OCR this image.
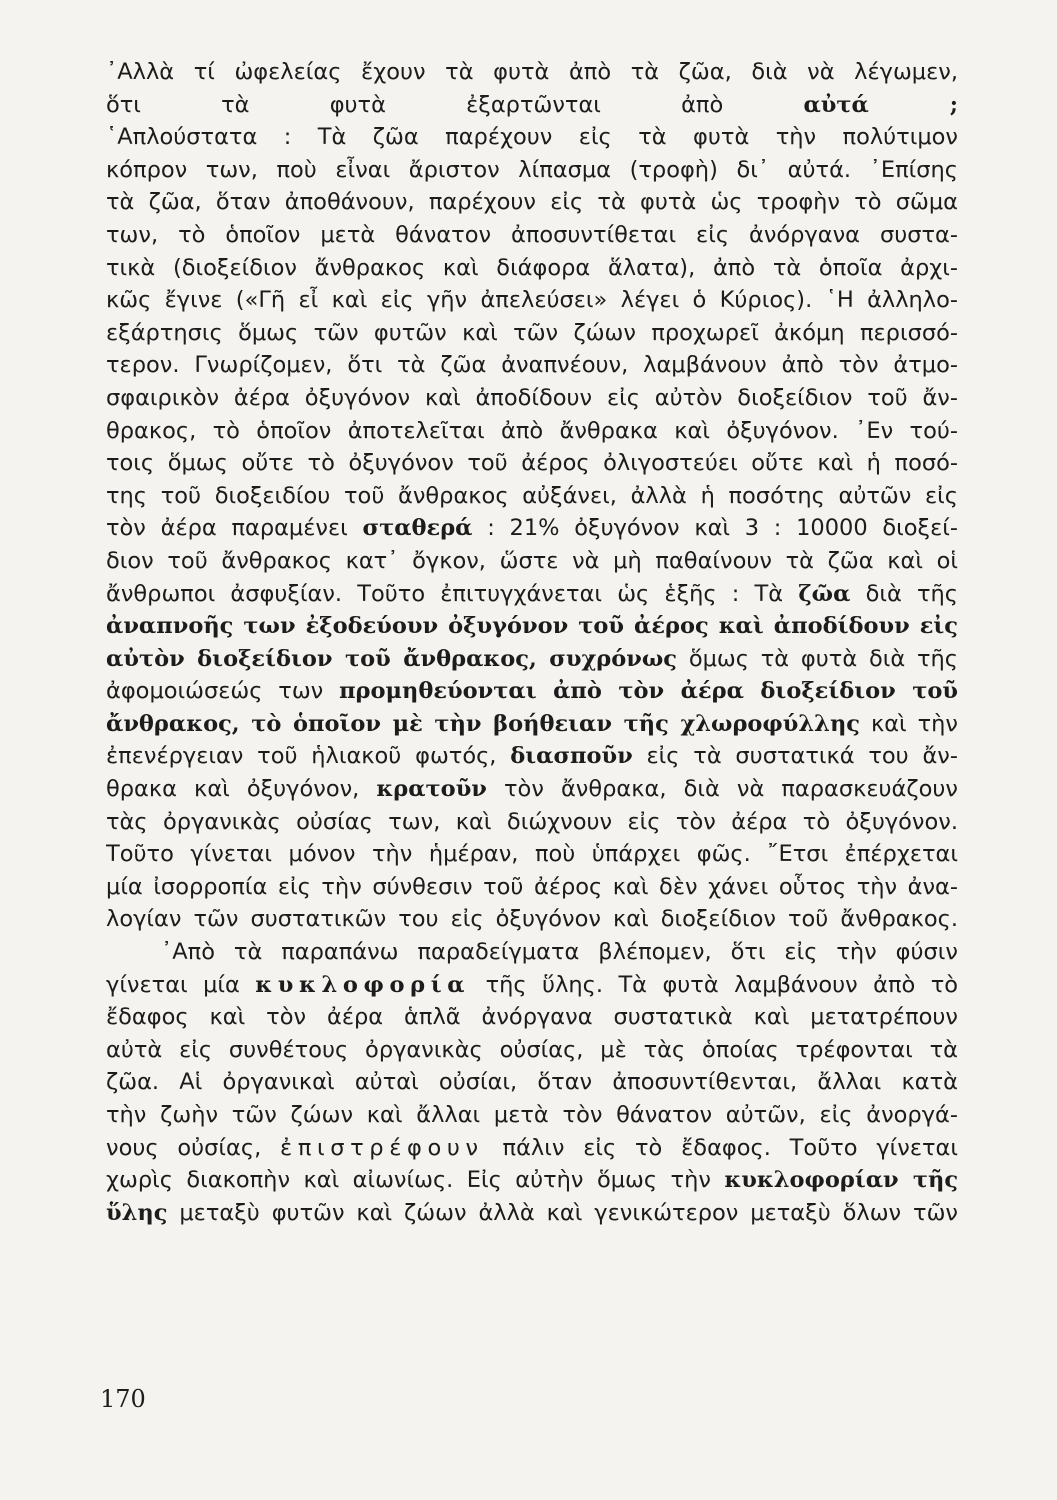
᾿Αλλὰ τί ὠφελείας ἔχουν τὰ φυτὰ ἀπὸ τὰ ζῶα, διὰ νὰ λέγωμεν,
ὅτι τὰ φυτὰ ἐξαρτῶνται ἀπὸ αὐτά ;
῾Απλούστατα : Τὰ ζῶα παρέχουν εἰς τὰ φυτὰ τὴν πολύτιμον
κόπρον των, ποὺ εἶναι ἄριστον λίπασμα (τροφὴ) δι᾿ αὐτά. ᾿Επίσης
τὰ ζῶα, ὅταν ἀποθάνουν, παρέχουν εἰς τὰ φυτὰ ὡς τροφὴν τὸ σῶμα
των, τὸ ὁποῖον μετὰ θάνατον ἀποσυντίθεται εἰς ἀνόργανα συστα-
τικὰ (διοξείδιον ἄνθρακος καὶ διάφορα ἅλατα), ἀπὸ τὰ ὁποῖα ἀρχι-
κῶς ἔγινε («Γῆ εἶ καὶ εἰς γῆν ἀπελεύσει» λέγει ὁ Κύριος). ῾Η ἀλληλο-
εξάρτησις ὅμως τῶν φυτῶν καὶ τῶν ζώων προχωρεῖ ἀκόμη περισσό-
τερον. Γνωρίζομεν, ὅτι τὰ ζῶα ἀναπνέουν, λαμβάνουν ἀπὸ τὸν ἀτμο-
σφαιρικὸν ἀέρα ὀξυγόνον καὶ ἀποδίδουν εἰς αὐτὸν διοξείδιον τοῦ ἄν-
θρακος, τὸ ὁποῖον ἀποτελεῖται ἀπὸ ἄνθρακα καὶ ὀξυγόνον. ᾿Εν τού-
τοις ὅμως οὔτε τὸ ὀξυγόνον τοῦ ἀέρος ὀλιγοστεύει οὔτε καὶ ἡ ποσό-
της τοῦ διοξειδίου τοῦ ἄνθρακος αὐξάνει, ἀλλὰ ἡ ποσότης αὐτῶν εἰς
τὸν ἀέρα παραμένει σταθερά : 21% ὀξυγόνον καὶ 3 : 10000 διοξεί-
διον τοῦ ἄνθρακος κατ᾿ ὄγκον, ὥστε νὰ μὴ παθαίνουν τὰ ζῶα καὶ οἱ
ἄνθρωποι ἀσφυξίαν. Τοῦτο ἐπιτυγχάνεται ὡς ἑξῆς : Τὰ ζῶα διὰ τῆς
ἀναπνοῆς των ἐξοδεύουν ὀξυγόνον τοῦ ἀέρος καὶ ἀποδίδουν εἰς
αὐτὸν διοξείδιον τοῦ ἄνθρακος, συχρόνως ὅμως τὰ φυτὰ διὰ τῆς
ἀφομοιώσεώς των προμηθεύονται ἀπὸ τὸν ἀέρα διοξείδιον τοῦ
ἄνθρακος, τὸ ὁποῖον μὲ τὴν βοήθειαν τῆς χλωροφύλλης καὶ τὴν
ἐπενέργειαν τοῦ ἡλιακοῦ φωτός, διασποῦν εἰς τὰ συστατικά του ἄν-
θρακα καὶ ὀξυγόνον, κρατοῦν τὸν ἄνθρακα, διὰ νὰ παρασκευάζουν
τὰς ὀργανικὰς οὐσίας των, καὶ διώχνουν εἰς τὸν ἀέρα τὸ ὀξυγόνον.
Τοῦτο γίνεται μόνον τὴν ἡμέραν, ποὺ ὑπάρχει φῶς. ῎Ετσι ἐπέρχεται
μία ἰσορροπία εἰς τὴν σύνθεσιν τοῦ ἀέρος καὶ δὲν χάνει οὗτος τὴν ἀνα-
λογίαν τῶν συστατικῶν του εἰς ὀξυγόνον καὶ διοξείδιον τοῦ ἄνθρακος.
᾿Απὸ τὰ παραπάνω παραδείγματα βλέπομεν, ὅτι εἰς τὴν φύσιν
γίνεται μία κυκλοφορία τῆς ὕλης. Τὰ φυτὰ λαμβάνουν ἀπὸ τὸ
ἔδαφος καὶ τὸν ἀέρα ἁπλᾶ ἀνόργανα συστατικὰ καὶ μετατρέπουν
αὐτὰ εἰς συνθέτους ὀργανικὰς οὐσίας, μὲ τὰς ὁποίας τρέφονται τὰ
ζῶα. Αἱ ὀργανικαὶ αὐταὶ οὐσίαι, ὅταν ἀποσυντίθενται, ἄλλαι κατὰ
τὴν ζωὴν τῶν ζώων καὶ ἄλλαι μετὰ τὸν θάνατον αὐτῶν, εἰς ἀνοργά-
νους οὐσίας, ἐπιστρέφουν πάλιν εἰς τὸ ἔδαφος. Τοῦτο γίνεται
χωρὶς διακοπὴν καὶ αἰωνίως. Εἰς αὐτὴν ὅμως τὴν κυκλοφορίαν τῆς
ὕλης μεταξὺ φυτῶν καὶ ζώων ἀλλὰ καὶ γενικώτερον μεταξὺ ὅλων τῶν
170
